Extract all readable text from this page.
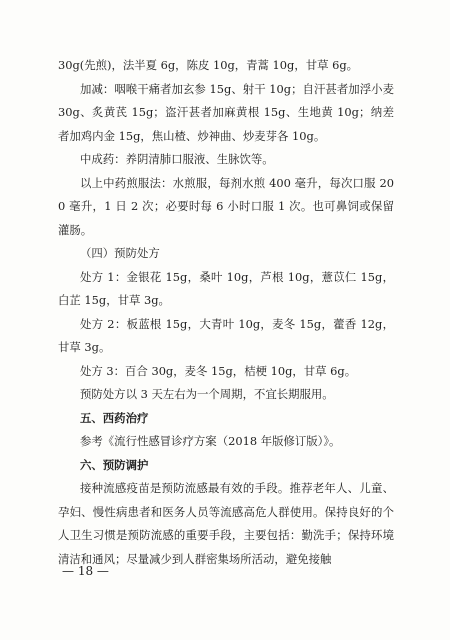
30g(先煎)，法半夏 6g，陈皮 10g，青蒿 10g，甘草 6g。

加减：咽喉干痛者加玄参 15g、射干 10g；自汗甚者加浮小麦 30g、炙黄芪 15g；盗汗甚者加麻黄根 15g、生地黄 10g；纳差者加鸡内金 15g，焦山楂、炒神曲、炒麦芽各 10g。

中成药：养阴清肺口服液、生脉饮等。

以上中药煎服法：水煎服，每剂水煎 400 毫升，每次口服 200 毫升，1 日 2 次；必要时每 6 小时口服 1 次。也可鼻饲或保留灌肠。

（四）预防处方

处方 1：金银花 15g，桑叶 10g，芦根 10g，薏苡仁 15g，白芷 15g，甘草 3g。

处方 2：板蓝根 15g，大青叶 10g，麦冬 15g，藿香 12g，甘草 3g。

处方 3：百合 30g，麦冬 15g，桔梗 10g，甘草 6g。

预防处方以 3 天左右为一个周期，不宜长期服用。

五、西药治疗

参考《流行性感冒诊疗方案（2018 年版修订版）》。

六、预防调护

接种流感疫苗是预防流感最有效的手段。推荐老年人、儿童、孕妇、慢性病患者和医务人员等流感高危人群使用。保持良好的个人卫生习惯是预防流感的重要手段，主要包括：勤洗手；保持环境清洁和通风；尽量减少到人群密集场所活动，避免接触

— 18 —
